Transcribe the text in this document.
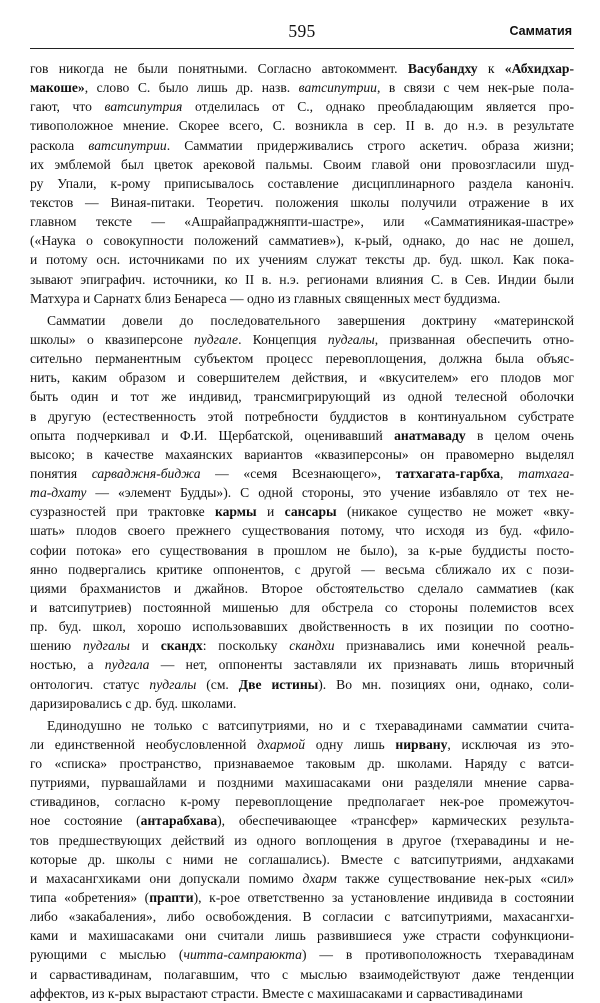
595	Самматия
гов никогда не были понятными. Согласно автокоммент. Васубандху к «Абхидхар-
макоше», слово С. было лишь др. назв. ватсипутрии, в связи с чем нек-рые пола-
гают, что ватсипутрия отделилась от С., однако преобладающим является про-
тивоположное мнение. Скорее всего, С. возникла в сер. II в. до н.э. в результате
раскола ватсипутрии. Самматии придерживались строго аскетич. образа жизни;
их эмблемой был цветок арековой пальмы. Своим главой они провозгласили шуд-
ру Упали, к-рому приписывалось составление дисциплинарного раздела каноніч.
текстов — Виная-питаки. Теоретич. положения школы получили отражение в их
главном тексте — «Ашрайапраджняпти-шастре», или «Самматияникая-шастре»
(«Наука о совокупности положений самматиев»), к-рый, однако, до нас не дошел,
и потому осн. источниками по их учениям служат тексты др. буд. школ. Как пока-
зывают эпиграфич. источники, ко II в. н.э. регионами влияния С. в Сев. Индии были
Матхура и Сарнатх близ Бенареса — одно из главных священных мест буддизма.
Самматии довели до последовательного завершения доктрину «материнской
школы» о квазиперсоне пудгале. Концепция пудгалы, призванная обеспечить отно-
сительно перманентным субъектом процесс перевоплощения, должна была объяс-
нить, каким образом и совершителем действия, и «вкусителем» его плодов мог
быть один и тот же индивид, трансмигрирующий из одной телесной оболочки
в другую (естественность этой потребности буддистов в континуальном субстрате
опыта подчеркивал и Ф.И. Щербатской, оценивавший анатмаваду в целом очень
высоко; в качестве махаянских вариантов «квазиперсоны» он правомерно выделял
понятия сарваджня-биджа — «семя Всезнающего», татхагата-гарбха, татхага-
та-дхату — «элемент Будды»). С одной стороны, это учение избавляло от тех не-
сузразностей при трактовке кармы и сансары (никакое существо не может «вку-
шать» плодов своего прежнего существования потому, что исходя из буд. «фило-
софии потока» его существования в прошлом не было), за к-рые буддисты посто-
янно подвергались критике оппонентов, с другой — весьма сближало их с пози-
циями брахманистов и джайнов. Второе обстоятельство сделало самматиев (как
и ватсипутриев) постоянной мишенью для обстрела со стороны полемистов всех
пр. буд. школ, хорошо использовавших двойственность в их позиции по соотно-
шению пудгалы и скандх: поскольку скандхи признавались ими конечной реаль-
ностью, а пудгала — нет, оппоненты заставляли их признавать лишь вторичный
онтологич. статус пудгалы (см. Две истины). Во мн. позициях они, однако, соли-
даризировались с др. буд. школами.
Единодушно не только с ватсипутриями, но и с тхеравадинами самматии счита-
ли единственной необусловленной дхармой одну лишь нирвану, исключая из это-
го «списка» пространство, признаваемое таковым др. школами. Наряду с ватси-
путриями, пурвашайлами и поздними махишасаками они разделяли мнение сарва-
стивадинов, согласно к-рому перевоплощение предполагает нек-рое промежуточ-
ное состояние (антарабхава), обеспечивающее «трансфер» кармических результа-
тов предшествующих действий из одного воплощения в другое (тхеравадины и не-
которые др. школы с ними не соглашались). Вместе с ватсипутриями, андхаками
и махасангхиками они допускали помимо дхарм также существование нек-рых «сил»
типа «обретения» (прапти), к-рое ответственно за установление индивида в состоянии
либо «закабаления», либо освобождения. В согласии с ватсипутриями, махасангхи-
ками и махишасаками они считали лишь развившиеся уже страсти софункциони-
рующими с мыслью (читта-сампраюкта) — в противоположность тхеравадинам
и сарвастивадинам, полагавшим, что с мыслью взаимодействуют даже тенденции
аффектов, из к-рых вырастают страсти. Вместе с махишасаками и сарвастивадинами
